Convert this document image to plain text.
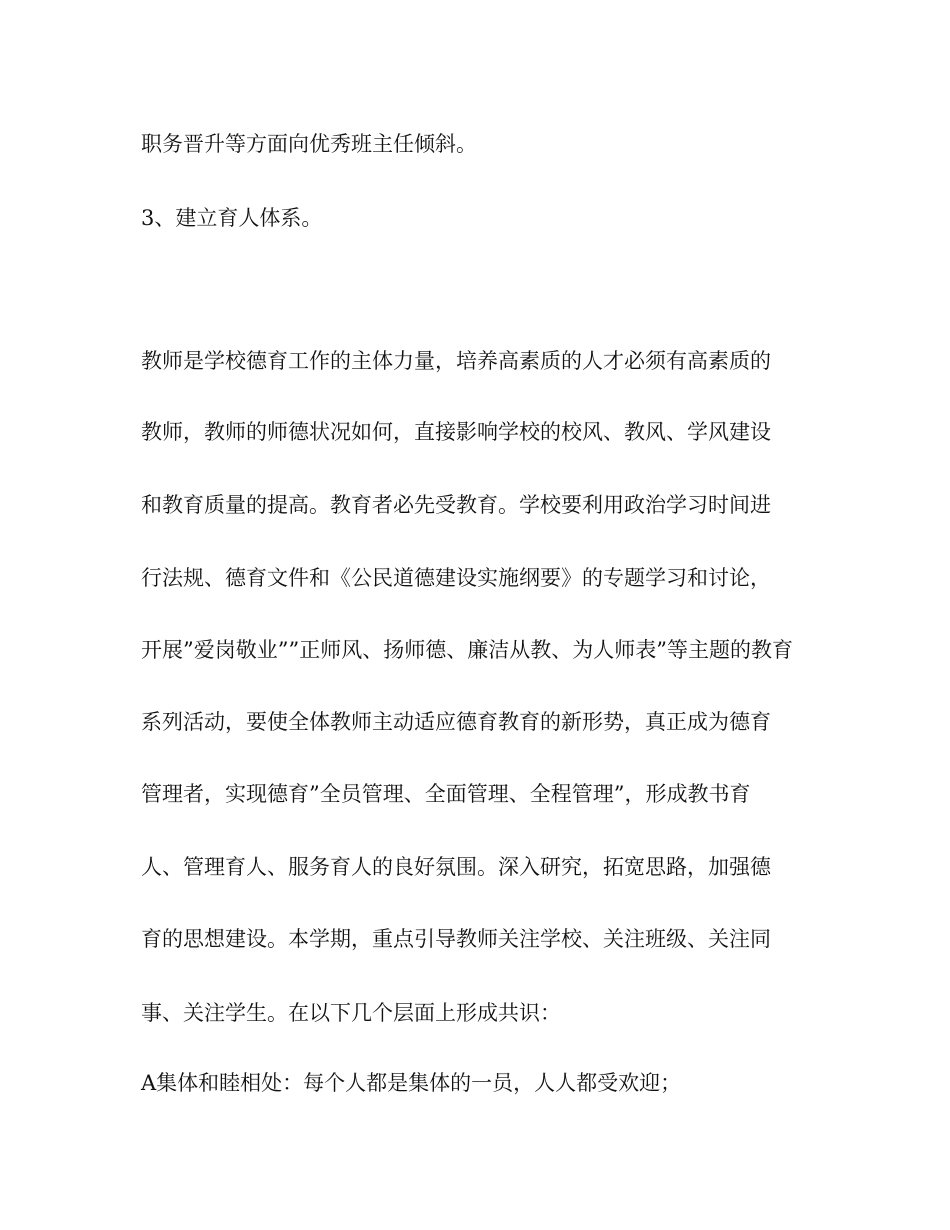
职务晋升等方面向优秀班主任倾斜。
3、建立育人体系。
教师是学校德育工作的主体力量，培养高素质的人才必须有高素质的
教师，教师的师德状况如何，直接影响学校的校风、教风、学风建设
和教育质量的提高。教育者必先受教育。学校要利用政治学习时间进
行法规、德育文件和《公民道德建设实施纲要》的专题学习和讨论，
开展”爱岗敬业””正师风、扬师德、廉洁从教、为人师表”等主题的教育
系列活动，要使全体教师主动适应德育教育的新形势，真正成为德育
管理者，实现德育”全员管理、全面管理、全程管理”，形成教书育
人、管理育人、服务育人的良好氛围。深入研究，拓宽思路，加强德
育的思想建设。本学期，重点引导教师关注学校、关注班级、关注同
事、关注学生。在以下几个层面上形成共识：
A集体和睦相处：每个人都是集体的一员，人人都受欢迎；
